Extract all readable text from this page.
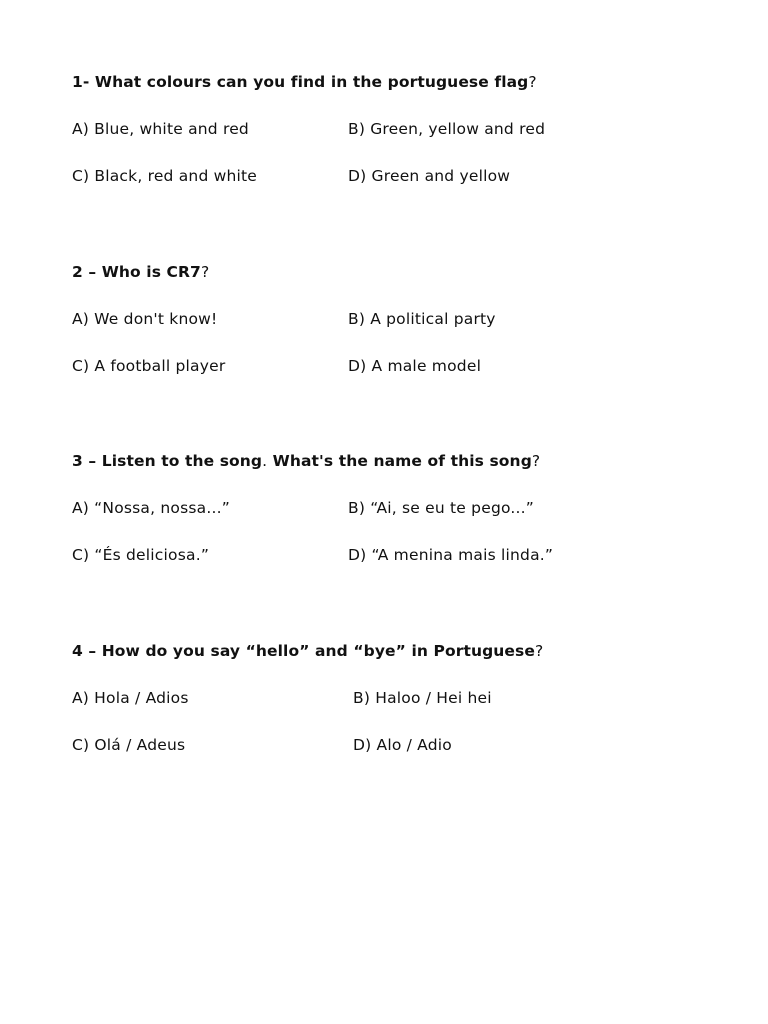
1- What colours can you find in the portuguese flag?
A) Blue, white and red	B) Green, yellow and red
C) Black, red and white	D) Green and yellow
2 – Who is CR7?
A) We don't know!	B) A political party
C) A football player	D) A male model
3 – Listen to the song. What's the name of this song?
A) “Nossa, nossa...”	B) “Ai, se eu te pego...”
C) “És deliciosa.”	D) “A menina mais linda.”
4 – How do you say “hello” and “bye” in Portuguese?
A) Hola / Adios	B) Haloo / Hei hei
C) Olá / Adeus	D) Alo / Adio
